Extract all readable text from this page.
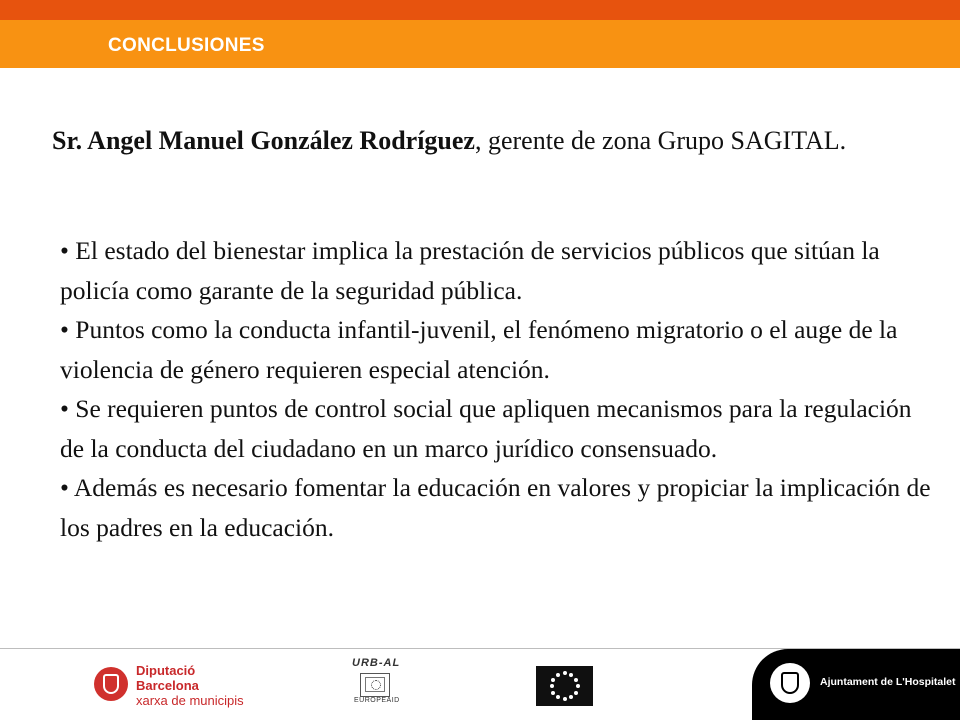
CONCLUSIONES
Sr. Angel Manuel González Rodríguez, gerente de zona Grupo SAGITAL.

• El estado del bienestar implica la prestación de servicios públicos que sitúan la policía como garante de la seguridad pública.

• Puntos como la conducta infantil-juvenil, el fenómeno migratorio o el auge de la violencia de género requieren especial atención.

• Se requieren puntos de control social que apliquen mecanismos para la regulación de la conducta del ciudadano en un marco jurídico consensuado.

• Además es necesario fomentar la educación en valores y propiciar la implicación de los padres en la educación.

Diputació
Barcelona
xarxa de municipis
URB-AL
EUROPEAID
Ajuntament de L'Hospitalet
